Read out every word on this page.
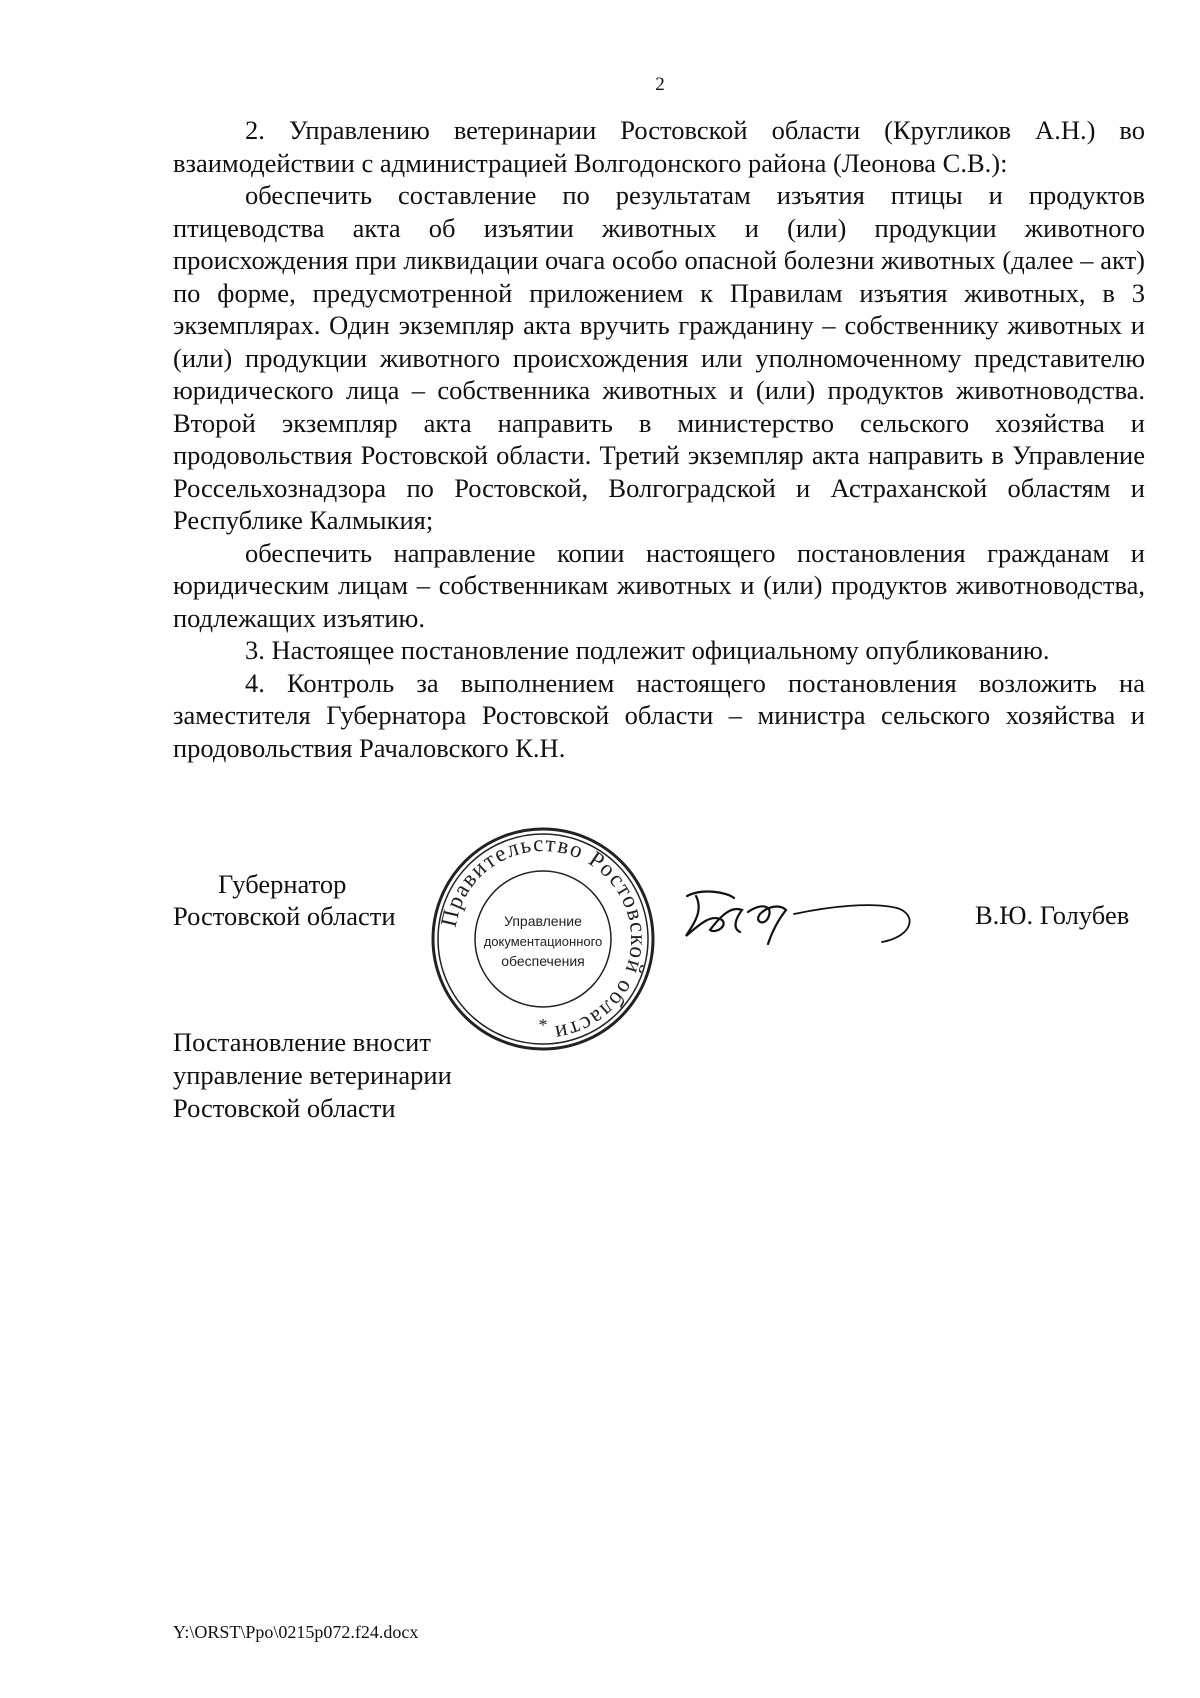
2

2. Управлению ветеринарии Ростовской области (Кругликов А.Н.) во взаимодействии с администрацией Волгодонского района (Леонова С.В.):

обеспечить составление по результатам изъятия птицы и продуктов птицеводства акта об изъятии животных и (или) продукции животного происхождения при ликвидации очага особо опасной болезни животных (далее – акт) по форме, предусмотренной приложением к Правилам изъятия животных, в 3 экземплярах. Один экземпляр акта вручить гражданину – собственнику животных и (или) продукции животного происхождения или уполномоченному представителю юридического лица – собственника животных и (или) продуктов животноводства. Второй экземпляр акта направить в министерство сельского хозяйства и продовольствия Ростовской области. Третий экземпляр акта направить в Управление Россельхознадзора по Ростовской, Волгоградской и Астраханской областям и Республике Калмыкия;

обеспечить направление копии настоящего постановления гражданам и юридическим лицам – собственникам животных и (или) продуктов животноводства, подлежащих изъятию.

3. Настоящее постановление подлежит официальному опубликованию.

4. Контроль за выполнением настоящего постановления возложить на заместителя Губернатора Ростовской области – министра сельского хозяйства и продовольствия Рачаловского К.Н.

Губернатор
Ростовской области Правительство Ростовской области
Управление
документационного
обеспечения
*
В.Ю. Голубев
Постановление вносит
управление ветеринарии
Ростовской области
Y:\ORST\Ppo\0215p072.f24.docx
